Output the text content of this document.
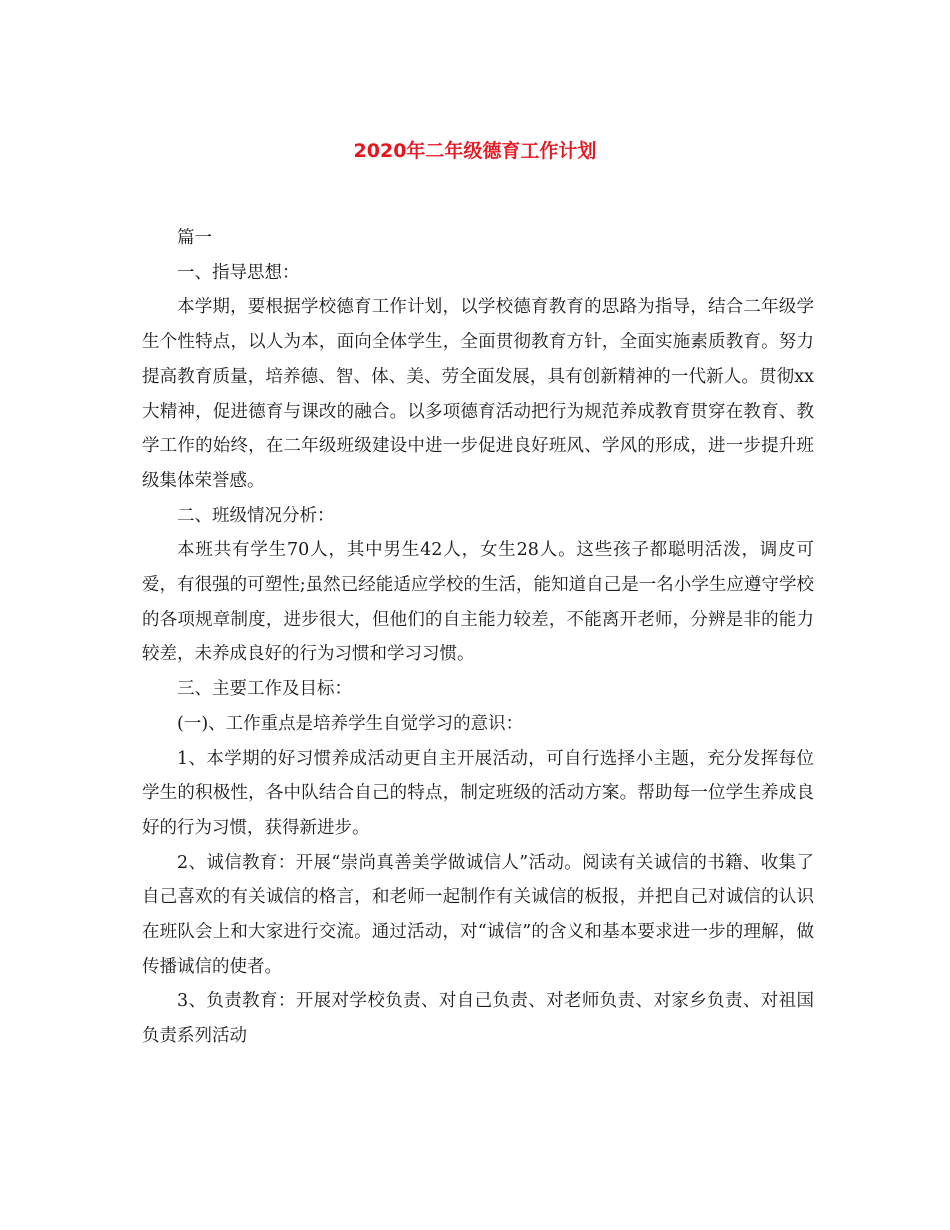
2020年二年级德育工作计划

篇一

一、指导思想：

本学期，要根据学校德育工作计划，以学校德育教育的思路为指导，结合二年级学生个性特点，以人为本，面向全体学生，全面贯彻教育方针，全面实施素质教育。努力提高教育质量，培养德、智、体、美、劳全面发展，具有创新精神的一代新人。贯彻xx大精神，促进德育与课改的融合。以多项德育活动把行为规范养成教育贯穿在教育、教学工作的始终，在二年级班级建设中进一步促进良好班风、学风的形成，进一步提升班级集体荣誉感。

二、班级情况分析：

本班共有学生70人，其中男生42人，女生28人。这些孩子都聪明活泼，调皮可爱，有很强的可塑性;虽然已经能适应学校的生活，能知道自己是一名小学生应遵守学校的各项规章制度，进步很大，但他们的自主能力较差，不能离开老师，分辨是非的能力较差，未养成良好的行为习惯和学习习惯。

三、主要工作及目标：

(一)、工作重点是培养学生自觉学习的意识：

1、本学期的好习惯养成活动更自主开展活动，可自行选择小主题，充分发挥每位学生的积极性，各中队结合自己的特点，制定班级的活动方案。帮助每一位学生养成良好的行为习惯，获得新进步。

2、诚信教育：开展“崇尚真善美学做诚信人”活动。阅读有关诚信的书籍、收集了自己喜欢的有关诚信的格言，和老师一起制作有关诚信的板报，并把自己对诚信的认识在班队会上和大家进行交流。通过活动，对“诚信”的含义和基本要求进一步的理解，做传播诚信的使者。

3、负责教育：开展对学校负责、对自己负责、对老师负责、对家乡负责、对祖国负责系列活动
